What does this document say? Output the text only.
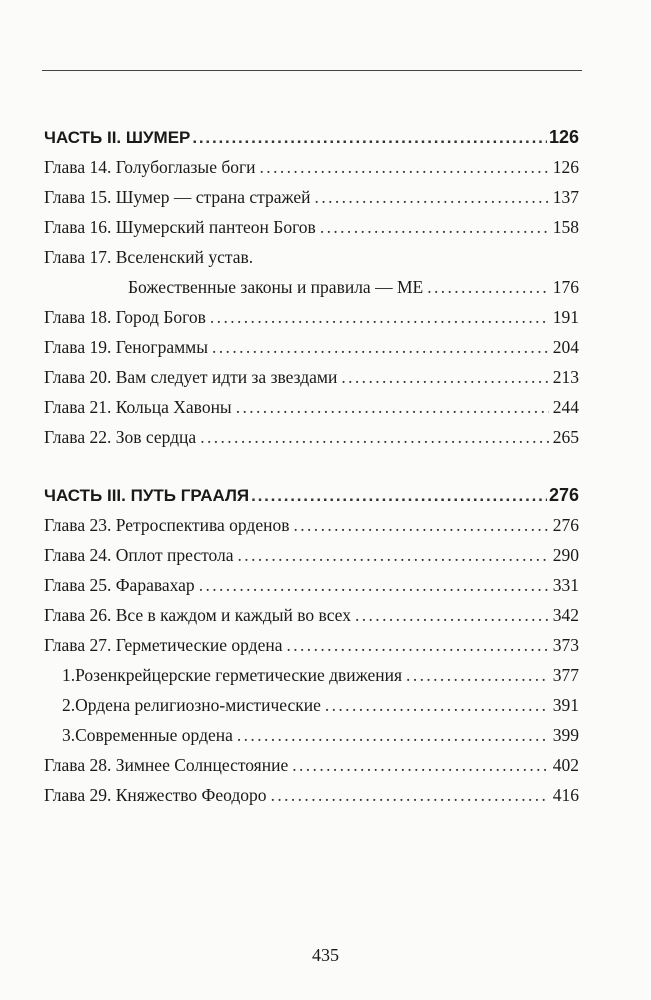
ЧАСТЬ II. ШУМЕР .....	126
Глава 14. Голубоглазые боги .....	126
Глава 15. Шумер — страна стражей .....	137
Глава 16. Шумерский пантеон Богов .....	158
Глава 17. Вселенский устав.
Божественные законы и правила — МЕ .....	176
Глава 18. Город Богов .....	191
Глава 19. Генограммы .....	204
Глава 20. Вам следует идти за звездами .....	213
Глава 21. Кольца Хавоны .....	244
Глава 22. Зов сердца .....	265
ЧАСТЬ III. ПУТЬ ГРААЛЯ .....	276
Глава 23. Ретроспектива орденов .....	276
Глава 24. Оплот престола .....	290
Глава 25. Фаравахар .....	331
Глава 26. Все в каждом и каждый во всех .....	342
Глава 27. Герметические ордена .....	373
1. Розенкрейцерские герметические движения .....	377
2. Ордена религиозно-мистические .....	391
3. Современные ордена .....	399
Глава 28. Зимнее Солнцестояние .....	402
Глава 29. Княжество Феодоро .....	416
435
